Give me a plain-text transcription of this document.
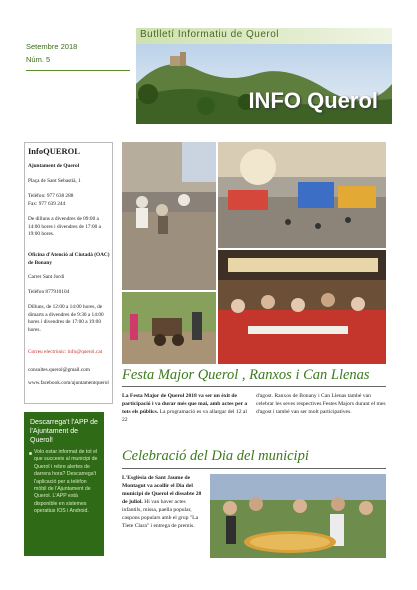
Butlletí Informatiu de Querol
Setembre 2018
Núm. 5
INFO Querol
InfoQUEROL
Ajuntament de Querol
Plaça de Sant Sebastià, 1
Telèfon: 977 638 288
Fax: 977 639 244
De dilluns a divendres de 09:00 a 14:00 hores i divendres de 17:00 a 19:00 hores.
Oficina d'Atenció al Ciutadà (OAC) de Bonany
Carrer Sant Jordi
Telèfon 877910104
Dilluns, de 12:00 a 14:00 hores, de dimarts a divendres de 9:30 a 14:00 hores i divendres de 17:00 a 19:00 hores.
Correu electrònic: info@querol.cat
consultes.querol@gmail.com
www.facebook.com/ajuntamentquerol
Descarrega't l'APP de l'Ajuntament de Querol!
Volo estar informat de tot el que succeeix al municipi de Querol i rebre alertes de darrera hora? Descarrega't l'aplicació per a telèfon mòbil de l'Ajuntament de Querol. L'APP està disponible en sistemes operatius IOS i Android.
Festa Major Querol , Ranxos i Can Llenas
La Festa Major de Querol 2018 va ser un èxit de participació i va durar més que mai, amb actes per a tots els públics. La programació es va allargar del 12 al 22
d'agost. Ranxos de Bonany i Can Llenas també van celebrar les seves respectives Festes Majors durant el mes d'agost i també van ser molt participatives.
Celebració del Dia del municipi
L'Esglèsia de Sant Jaume de Montagut va acollir el Dia del municipi de Querol el dissabte 28 de juliol. Hi van haver actes infantils, missa, paella popular, caspons populars amb el grup "La Tiete Clara" i entrega de premis.
